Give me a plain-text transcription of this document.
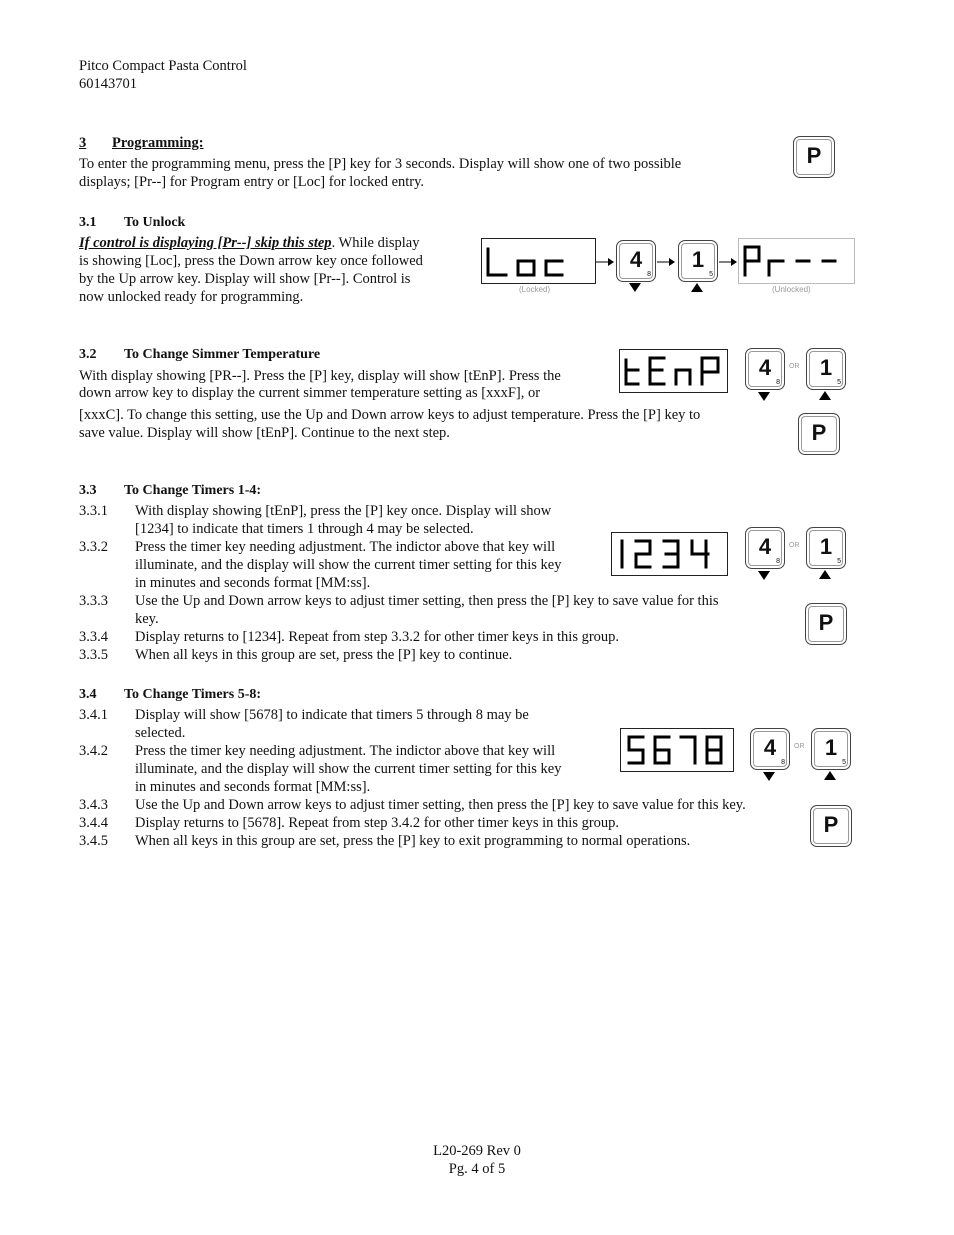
Pitco Compact Pasta Control
60143701
3 Programming:
To enter the programming menu, press the [P] key for 3 seconds. Display will show one of two possible
displays; [Pr--] for Program entry or [Loc] for locked entry.
P
3.1 To Unlock
If control is displaying [Pr--] skip this step. While display
is showing [Loc], press the Down arrow key once followed
by the Up arrow key. Display will show [Pr--]. Control is
now unlocked ready for programming.	(Locked)
4
8
1
5
(Unlocked)
3.2 To Change Simmer Temperature
With display showing [PR--]. Press the [P] key, display will show [tEnP]. Press the
down arrow key to display the current simmer temperature setting as [xxxF], or
[xxxC]. To change this setting, use the Up and Down arrow keys to adjust temperature. Press the [P] key to
save value. Display will show [tEnP]. Continue to the next step.
4
8
OR 1
5
P
3.3 To Change Timers 1-4:
3.3.1	With display showing [tEnP], press the [P] key once. Display will show
[1234] to indicate that timers 1 through 4 may be selected.
3.3.2	Press the timer key needing adjustment. The indictor above that key will
illuminate, and the display will show the current timer setting for this key
in minutes and seconds format [MM:ss].
3.3.3	Use the Up and Down arrow keys to adjust timer setting, then press the [P] key to save value for this
key.
3.3.4	Display returns to [1234]. Repeat from step 3.3.2 for other timer keys in this group.
3.3.5	When all keys in this group are set, press the [P] key to continue.
4
8
OR 1
5
P
3.4 To Change Timers 5-8:
3.4.1	Display will show [5678] to indicate that timers 5 through 8 may be
selected.
3.4.2	Press the timer key needing adjustment. The indictor above that key will
illuminate, and the display will show the current timer setting for this key
in minutes and seconds format [MM:ss].
3.4.3	Use the Up and Down arrow keys to adjust timer setting, then press the [P] key to save value for this key.
3.4.4	Display returns to [5678]. Repeat from step 3.4.2 for other timer keys in this group.
3.4.5	When all keys in this group are set, press the [P] key to exit programming to normal operations.
4
8
OR 1
5
P
L20-269 Rev 0
Pg. 4 of 5
